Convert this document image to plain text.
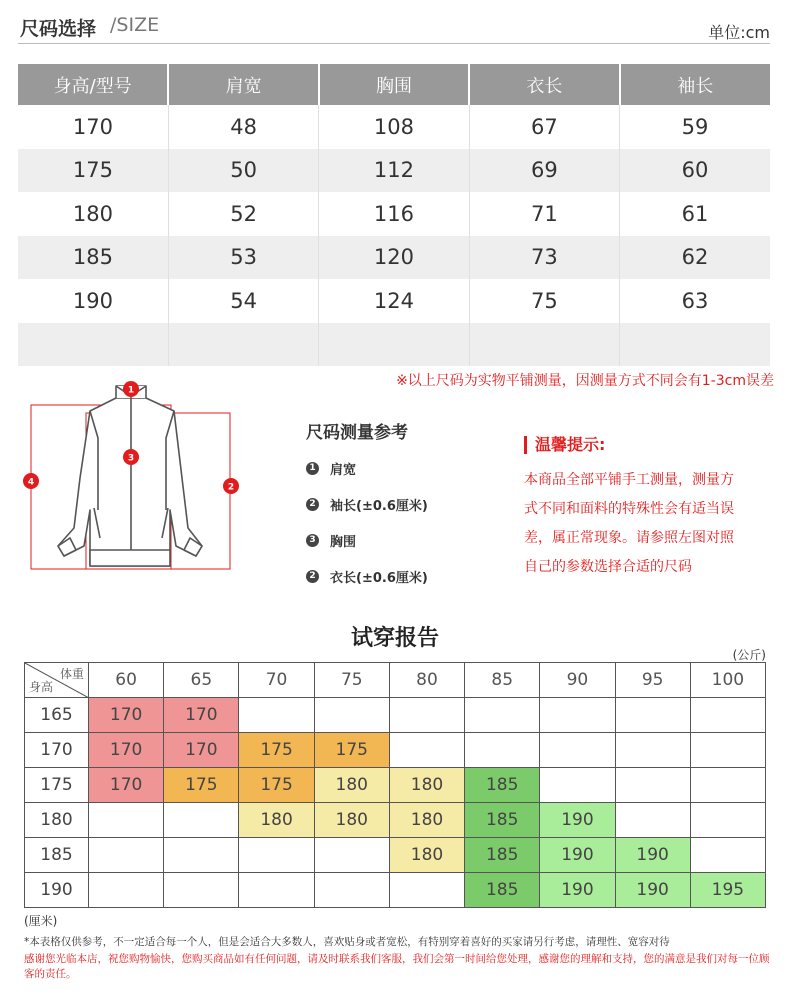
尺码选择 /SIZE	单位:cm
身高/型号	肩宽	胸围	衣长	袖长
170	48	108	67	59
175	50	112	69	60
180	52	116	71	61
185	53	120	73	62
190	54	124	75	63

※以上尺码为实物平铺测量，因测量方式不同会有1-3cm误差
1
2
3
4
尺码测量参考
1 肩宽
2 袖长(±0.6厘米)
3 胸围
2 衣长(±0.6厘米)
温馨提示:
本商品全部平铺手工测量，测量方
式不同和面料的特殊性会有适当误
差，属正常现象。请参照左图对照
自己的参数选择合适的尺码
试穿报告
(公斤)
体重
身高	60	65	70	75	80	85	90	95	100
165	170	170							
170	170	170	175	175					
175	170	175	175	180	180	185			
180			180	180	180	185	190		
185					180	185	190	190	
190						185	190	190	195
(厘米)
*本表格仅供参考，不一定适合每一个人，但是会适合大多数人，喜欢贴身或者宽松，有特别穿着喜好的买家请另行考虑，请理性、宽容对待
感谢您光临本店，祝您购物愉快，您购买商品如有任何问题，请及时联系我们客服，我们会第一时间给您处理，感谢您的理解和支持，您的满意是我们对每一位顾客的责任。
